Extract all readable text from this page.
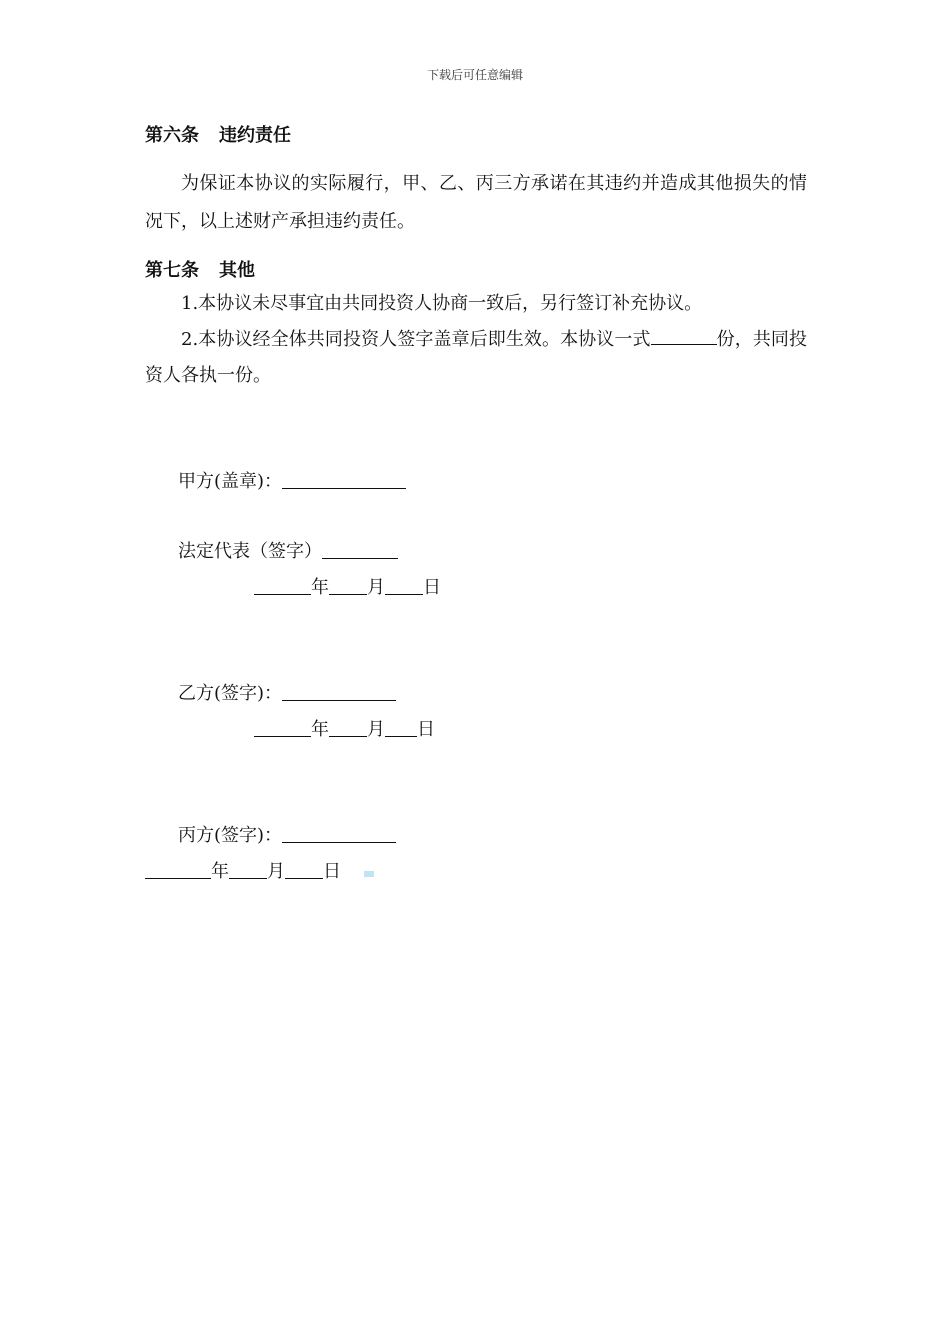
下载后可任意编辑

第六条 违约责任

为保证本协议的实际履行，甲、乙、丙三方承诺在其违约并造成其他损失的情况下，以上述财产承担违约责任。

第七条 其他

1.本协议未尽事宜由共同投资人协商一致后，另行签订补充协议。

2.本协议经全体共同投资人签字盖章后即生效。本协议一式	份，共同投资人各执一份。

甲方(盖章)：
法定代表（签字）
年 月 日
乙方(签字)：
年 月 日
丙方(签字)：
年 月 日
